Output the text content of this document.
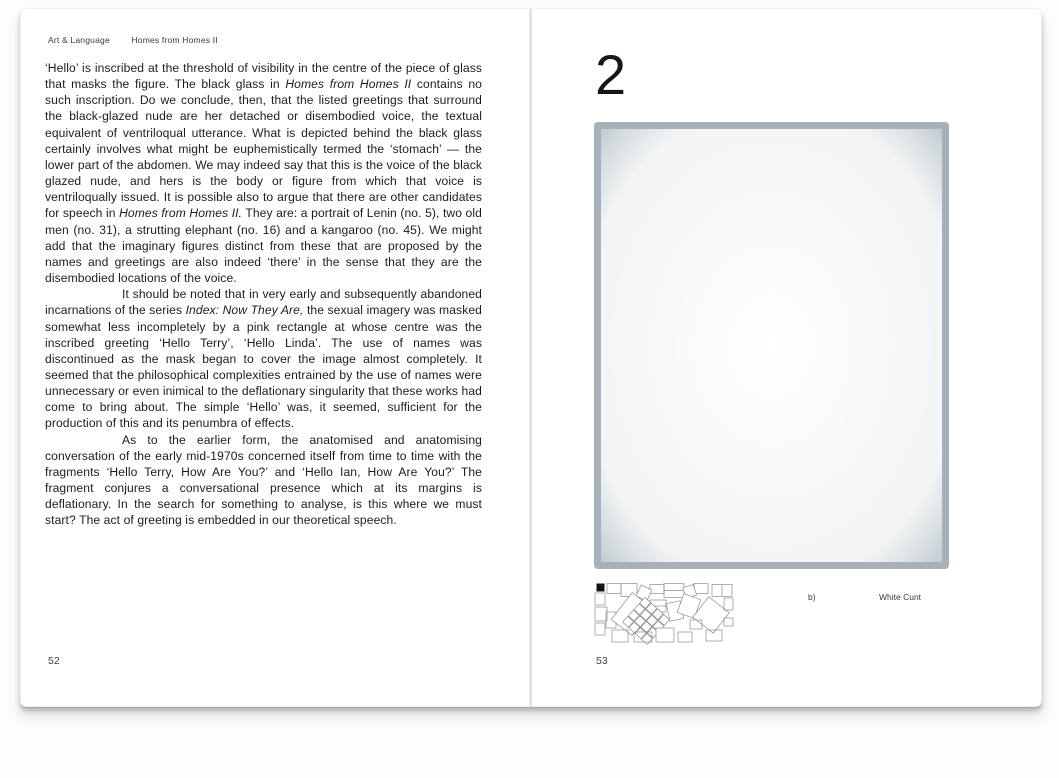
Art & Language	Homes from Homes II

‘Hello’ is inscribed at the threshold of visibility in the centre of the piece of glass that masks the figure. The black glass in Homes from Homes II contains no such inscription. Do we conclude, then, that the listed greetings that surround the black-glazed nude are her detached or disembodied voice, the textual equivalent of ventriloqual utterance. What is depicted behind the black glass certainly involves what might be euphemistically termed the ‘stomach’ — the lower part of the abdomen. We may indeed say that this is the voice of the black glazed nude, and hers is the body or figure from which that voice is ventriloqually issued. It is possible also to argue that there are other candidates for speech in Homes from Homes II. They are: a portrait of Lenin (no. 5), two old men (no. 31), a strutting elephant (no. 16) and a kangaroo (no. 45). We might add that the imaginary figures distinct from these that are proposed by the names and greetings are also indeed ‘there’ in the sense that they are the disembodied locations of the voice.

It should be noted that in very early and subsequently abandoned incarnations of the series Index: Now They Are, the sexual imagery was masked somewhat less incompletely by a pink rectangle at whose centre was the inscribed greeting ‘Hello Terry’, ‘Hello Linda’. The use of names was discontinued as the mask began to cover the image almost completely. It seemed that the philosophical complexities entrained by the use of names were unnecessary or even inimical to the deflationary singularity that these works had come to bring about. The simple ‘Hello’ was, it seemed, sufficient for the production of this and its penumbra of effects.

As to the earlier form, the anatomised and anatomising conversation of the early mid-1970s concerned itself from time to time with the fragments ‘Hello Terry, How Are You?’ and ‘Hello Ian, How Are You?’ The fragment conjures a conversational presence which at its margins is deflationary. In the search for something to analyse, is this where we must start? The act of greeting is embedded in our theoretical speech.

52
2
b)	White Cunt
53
